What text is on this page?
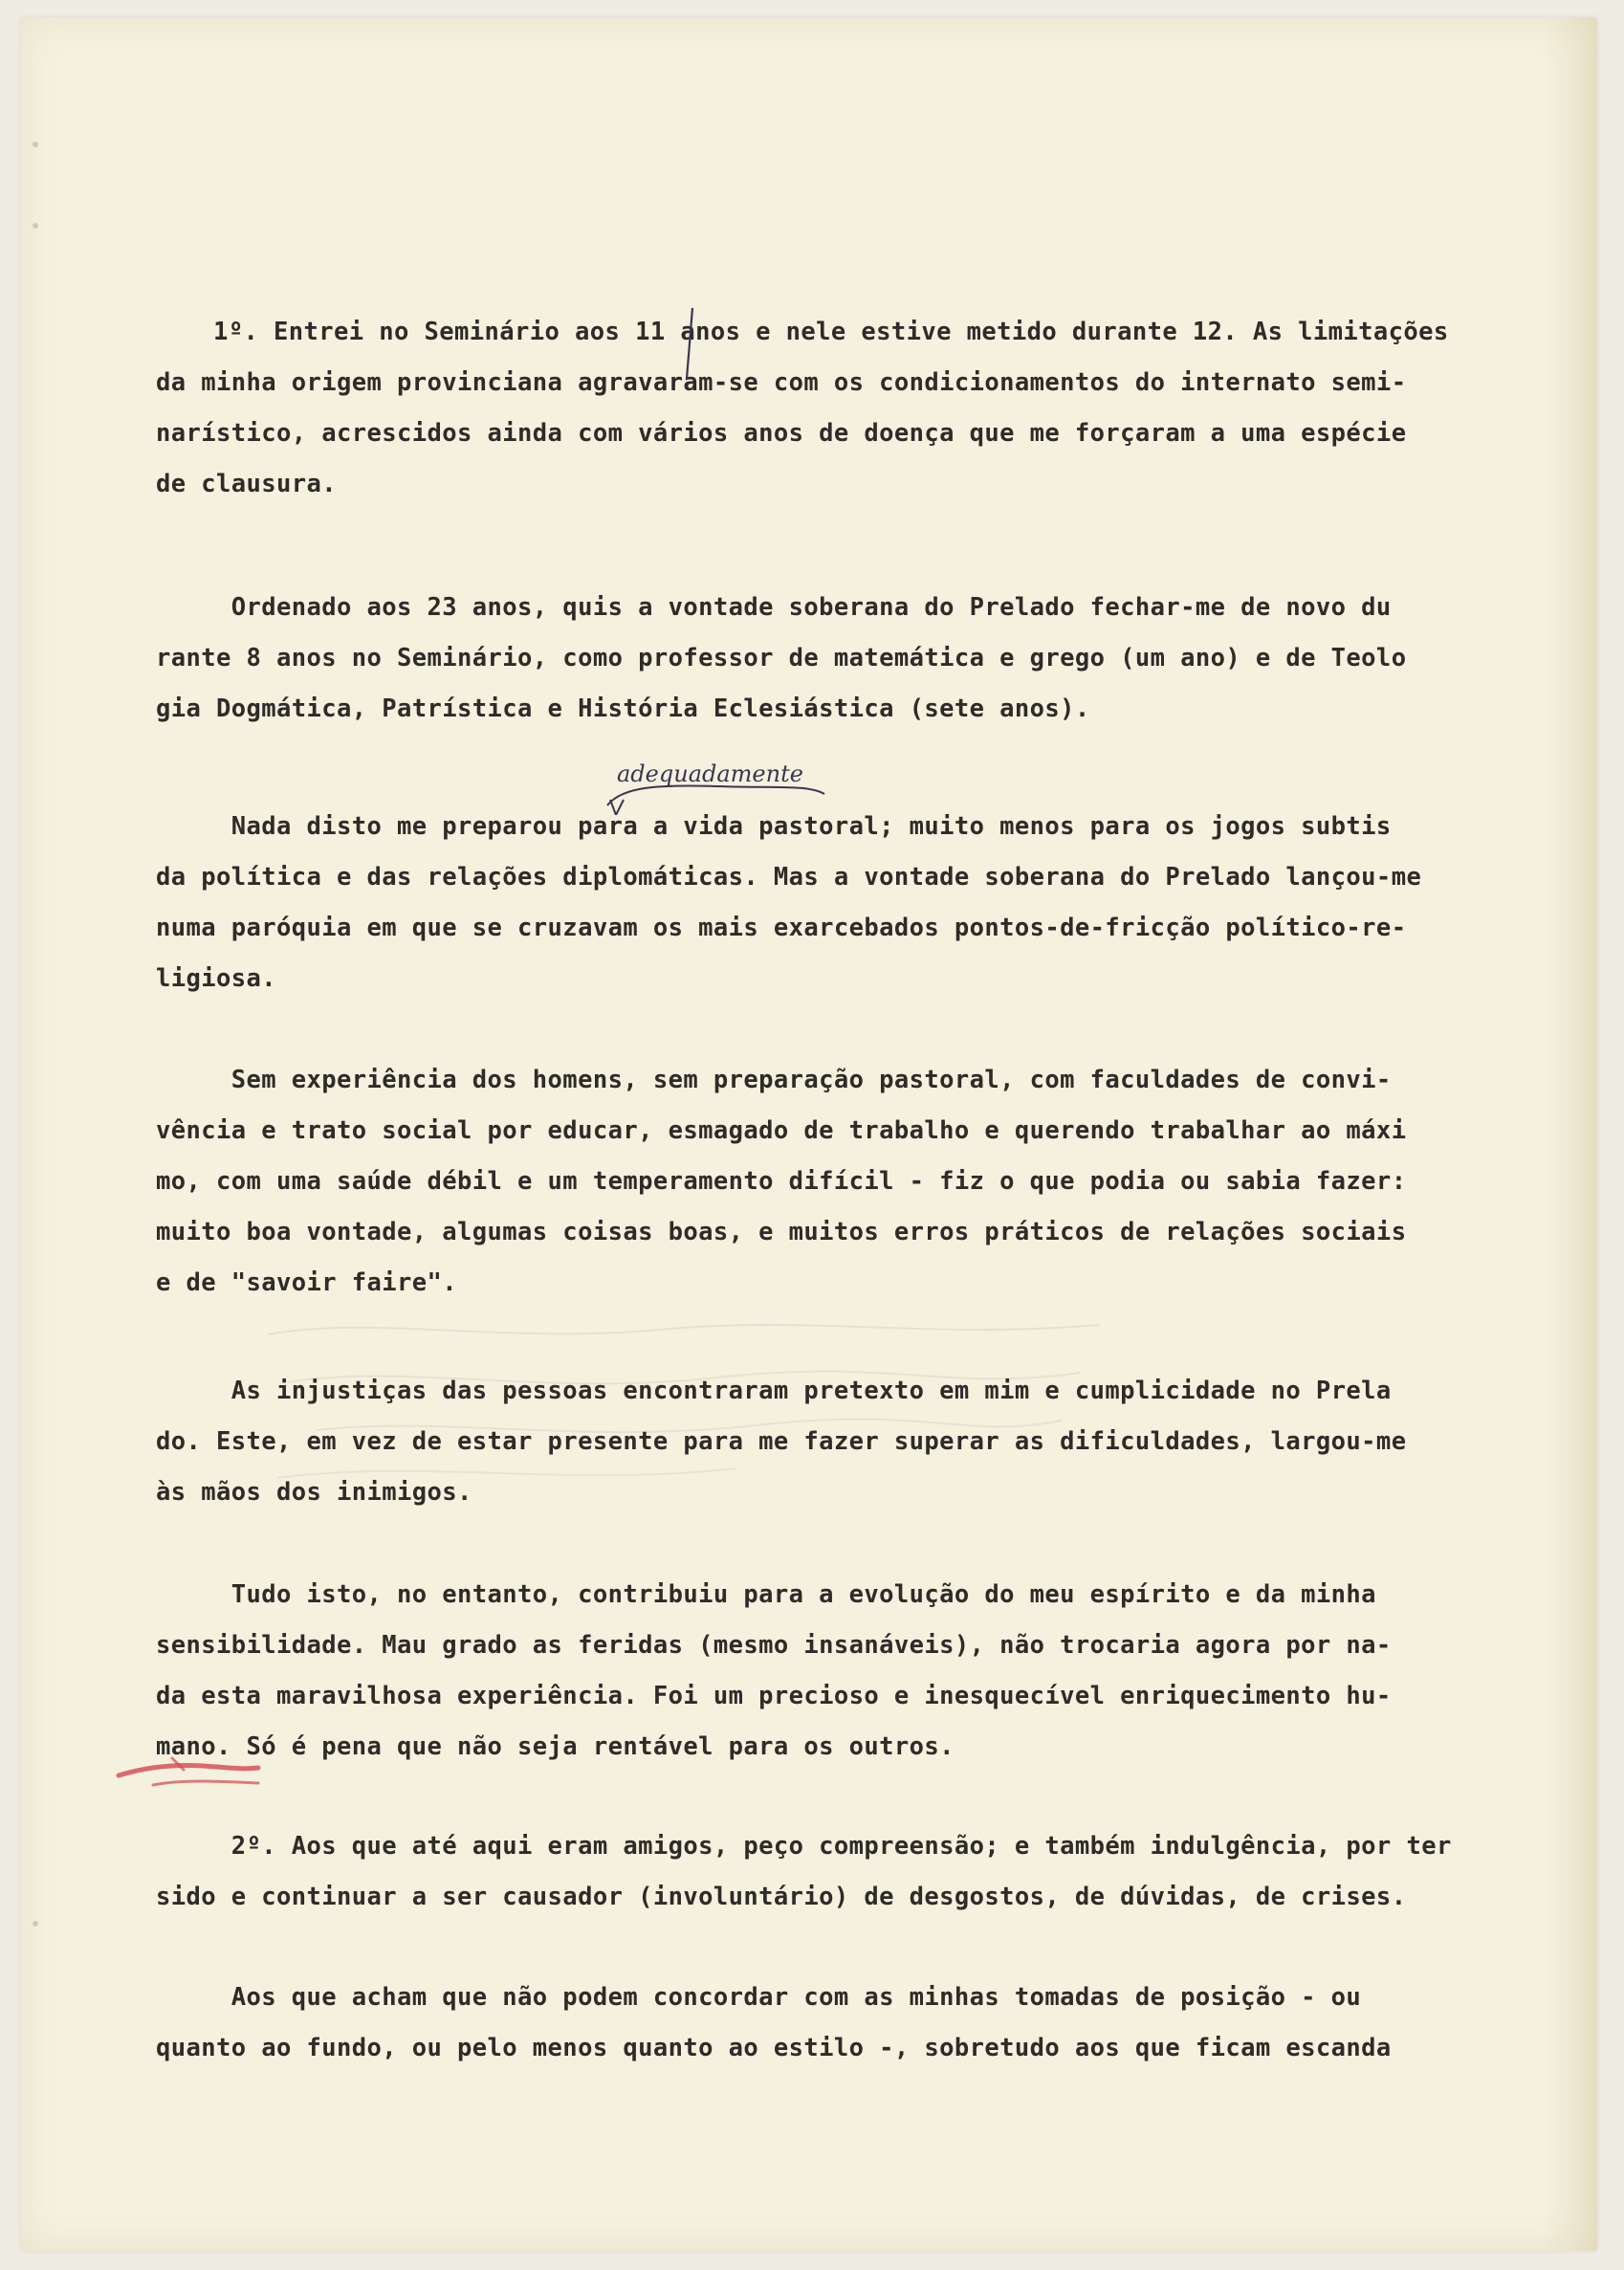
1º. Entrei no Seminário aos 11 anos e nele estive metido durante 12. As limitações
da minha origem provinciana agravaram-se com os condicionamentos do internato semi-
narístico, acrescidos ainda com vários anos de doença que me forçaram a uma espécie
de clausura.
Ordenado aos 23 anos, quis a vontade soberana do Prelado fechar-me de novo du
rante 8 anos no Seminário, como professor de matemática e grego (um ano) e de Teolo
gia Dogmática, Patrística e História Eclesiástica (sete anos).
Nada disto me preparou para a vida pastoral; muito menos para os jogos subtis
da política e das relações diplomáticas. Mas a vontade soberana do Prelado lançou-me
numa paróquia em que se cruzavam os mais exarcebados pontos-de-fricção político-re-
ligiosa.
Sem experiência dos homens, sem preparação pastoral, com faculdades de convi-
vência e trato social por educar, esmagado de trabalho e querendo trabalhar ao máxi
mo, com uma saúde débil e um temperamento difícil - fiz o que podia ou sabia fazer:
muito boa vontade, algumas coisas boas, e muitos erros práticos de relações sociais
e de "savoir faire".
As injustiças das pessoas encontraram pretexto em mim e cumplicidade no Prela
do. Este, em vez de estar presente para me fazer superar as dificuldades, largou-me
às mãos dos inimigos.
Tudo isto, no entanto, contribuiu para a evolução do meu espírito e da minha
sensibilidade. Mau grado as feridas (mesmo insanáveis), não trocaria agora por na-
da esta maravilhosa experiência. Foi um precioso e inesquecível enriquecimento hu-
mano. Só é pena que não seja rentável para os outros.
2º. Aos que até aqui eram amigos, peço compreensão; e também indulgência, por ter
sido e continuar a ser causador (involuntário) de desgostos, de dúvidas, de crises.
Aos que acham que não podem concordar com as minhas tomadas de posição - ou
quanto ao fundo, ou pelo menos quanto ao estilo -, sobretudo aos que ficam escanda
adequadamente
